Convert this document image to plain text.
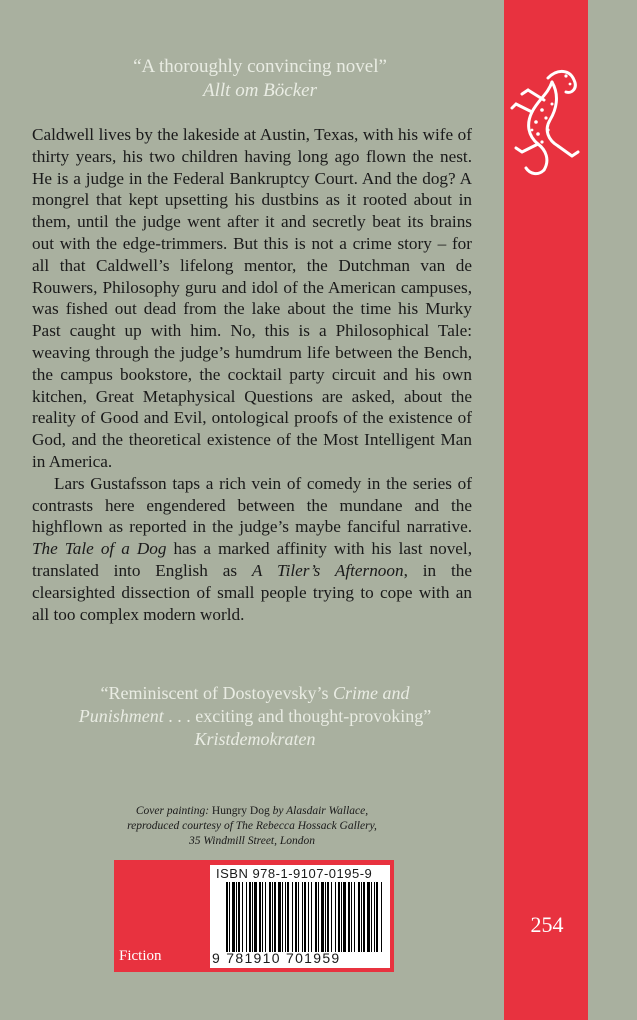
“A thoroughly convincing novel”
Allt om Böcker

Caldwell lives by the lakeside at Austin, Texas, with his wife of thirty years, his two children having long ago flown the nest. He is a judge in the Federal Bankruptcy Court. And the dog? A mongrel that kept upsetting his dustbins as it rooted about in them, until the judge went after it and secretly beat its brains out with the edge-trimmers. But this is not a crime story – for all that Caldwell’s lifelong mentor, the Dutchman van de Rouwers, Philosophy guru and idol of the American campuses, was fished out dead from the lake about the time his Murky Past caught up with him. No, this is a Philosophical Tale: weaving through the judge’s humdrum life between the Bench, the campus bookstore, the cocktail party circuit and his own kitchen, Great Metaphysical Questions are asked, about the reality of Good and Evil, ontological proofs of the existence of God, and the theoretical existence of the Most Intelligent Man in America.

Lars Gustafsson taps a rich vein of comedy in the series of contrasts here engendered between the mundane and the highflown as reported in the judge’s maybe fanciful narrative. The Tale of a Dog has a marked affinity with his last novel, translated into English as A Tiler’s Afternoon, in the clearsighted dissection of small people trying to cope with an all too complex modern world.

“Reminiscent of Dostoyevsky’s Crime and Punishment . . . exciting and thought-provoking”
Kristdemokraten
Cover painting: Hungry Dog by Alasdair Wallace,
reproduced courtesy of The Rebecca Hossack Gallery,
35 Windmill Street, London
ISBN 978-1-9107-0195-9
9 781910 701959
Fiction
254
